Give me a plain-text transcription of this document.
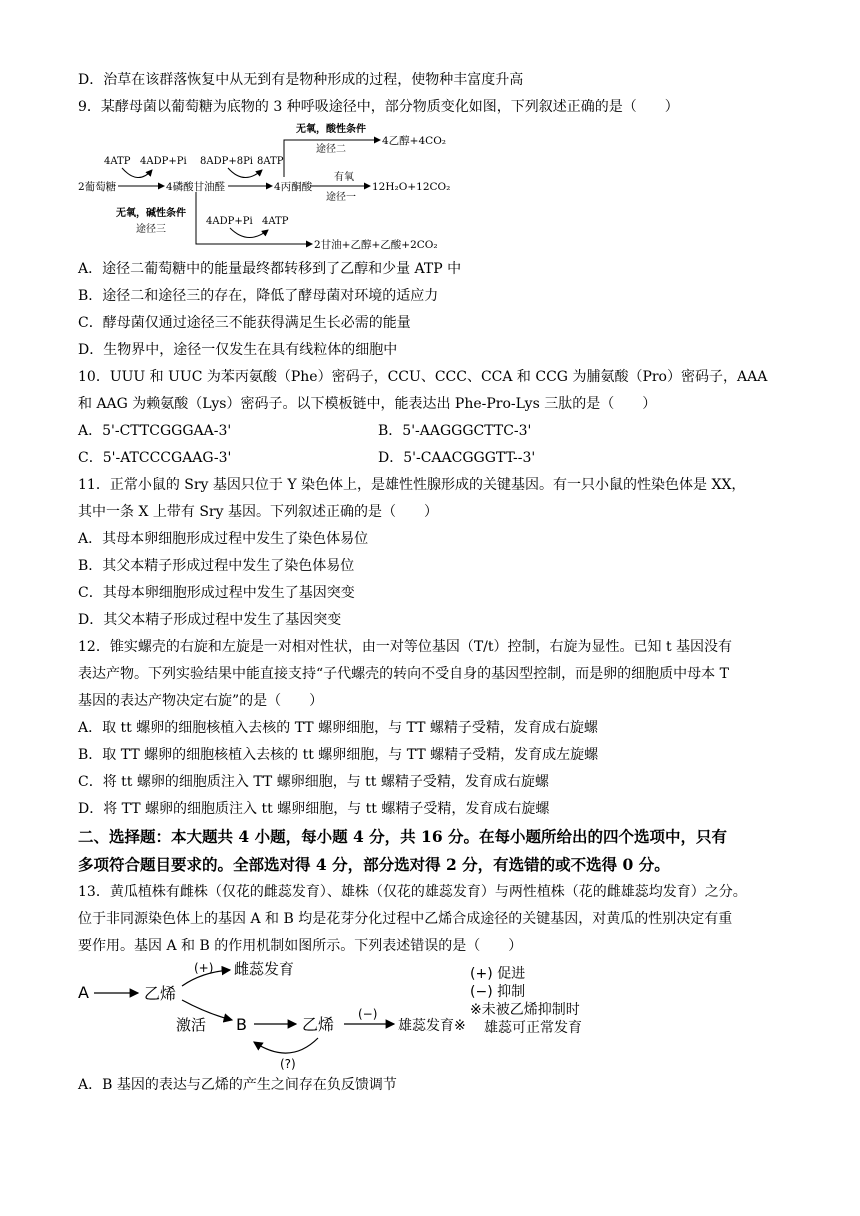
D．治草在该群落恢复中从无到有是物种形成的过程，使物种丰富度升高
9．某酵母菌以葡萄糖为底物的 3 种呼吸途径中，部分物质变化如图，下列叙述正确的是（　　）
2葡萄糖	4磷酸甘油醛	4丙酮酸
4ATP 4ADP+Pi 8ADP+8Pi 8ATP
无氧，酸性条件
途径二
4乙醇+4CO₂
有氧
途径一
12H₂O+12CO₂
无氧，碱性条件
途径三
4ADP+Pi 4ATP
2甘油+乙醇+乙酸+2CO₂
A．途径二葡萄糖中的能量最终都转移到了乙醇和少量 ATP 中
B．途径二和途径三的存在，降低了酵母菌对环境的适应力
C．酵母菌仅通过途径三不能获得满足生长必需的能量
D．生物界中，途径一仅发生在具有线粒体的细胞中
10．UUU 和 UUC 为苯丙氨酸（Phe）密码子，CCU、CCC、CCA 和 CCG 为脯氨酸（Pro）密码子，AAA
和 AAG 为赖氨酸（Lys）密码子。以下模板链中，能表达出 Phe-Pro-Lys 三肽的是（　　）
A．5'-CTTCGGGAA-3'	B．5'-AAGGGCTTC-3'
C．5'-ATCCCGAAG-3'	D．5'-CAACGGGTT--3'
11．正常小鼠的 Sry 基因只位于 Y 染色体上，是雄性性腺形成的关键基因。有一只小鼠的性染色体是 XX，
其中一条 X 上带有 Sry 基因。下列叙述正确的是（　　）
A．其母本卵细胞形成过程中发生了染色体易位
B．其父本精子形成过程中发生了染色体易位
C．其母本卵细胞形成过程中发生了基因突变
D．其父本精子形成过程中发生了基因突变
12．锥实螺壳的右旋和左旋是一对相对性状，由一对等位基因（T/t）控制，右旋为显性。已知 t 基因没有
表达产物。下列实验结果中能直接支持“子代螺壳的转向不受自身的基因型控制，而是卵的细胞质中母本 T
基因的表达产物决定右旋”的是（　　）
A．取 tt 螺卵的细胞核植入去核的 TT 螺卵细胞，与 TT 螺精子受精，发育成右旋螺
B．取 TT 螺卵的细胞核植入去核的 tt 螺卵细胞，与 TT 螺精子受精，发育成左旋螺
C．将 tt 螺卵的细胞质注入 TT 螺卵细胞，与 tt 螺精子受精，发育成右旋螺
D．将 TT 螺卵的细胞质注入 tt 螺卵细胞，与 tt 螺精子受精，发育成右旋螺
二、选择题：本大题共 4 小题，每小题 4 分，共 16 分。在每小题所给出的四个选项中，只有
多项符合题目要求的。全部选对得 4 分，部分选对得 2 分，有选错的或不选得 0 分。
13．黄瓜植株有雌株（仅花的雌蕊发育）、雄株（仅花的雄蕊发育）与两性植株（花的雌雄蕊均发育）之分。
位于非同源染色体上的基因 A 和 B 均是花芽分化过程中乙烯合成途径的关键基因，对黄瓜的性别决定有重
要作用。基因 A 和 B 的作用机制如图所示。下列表述错误的是（　　）
A	乙烯
(+) 雌蕊发育
激活 B	乙烯
(−)
雄蕊发育※
(?)
(+) 促进
(−) 抑制
※未被乙烯抑制时
雄蕊可正常发育
A．B 基因的表达与乙烯的产生之间存在负反馈调节
